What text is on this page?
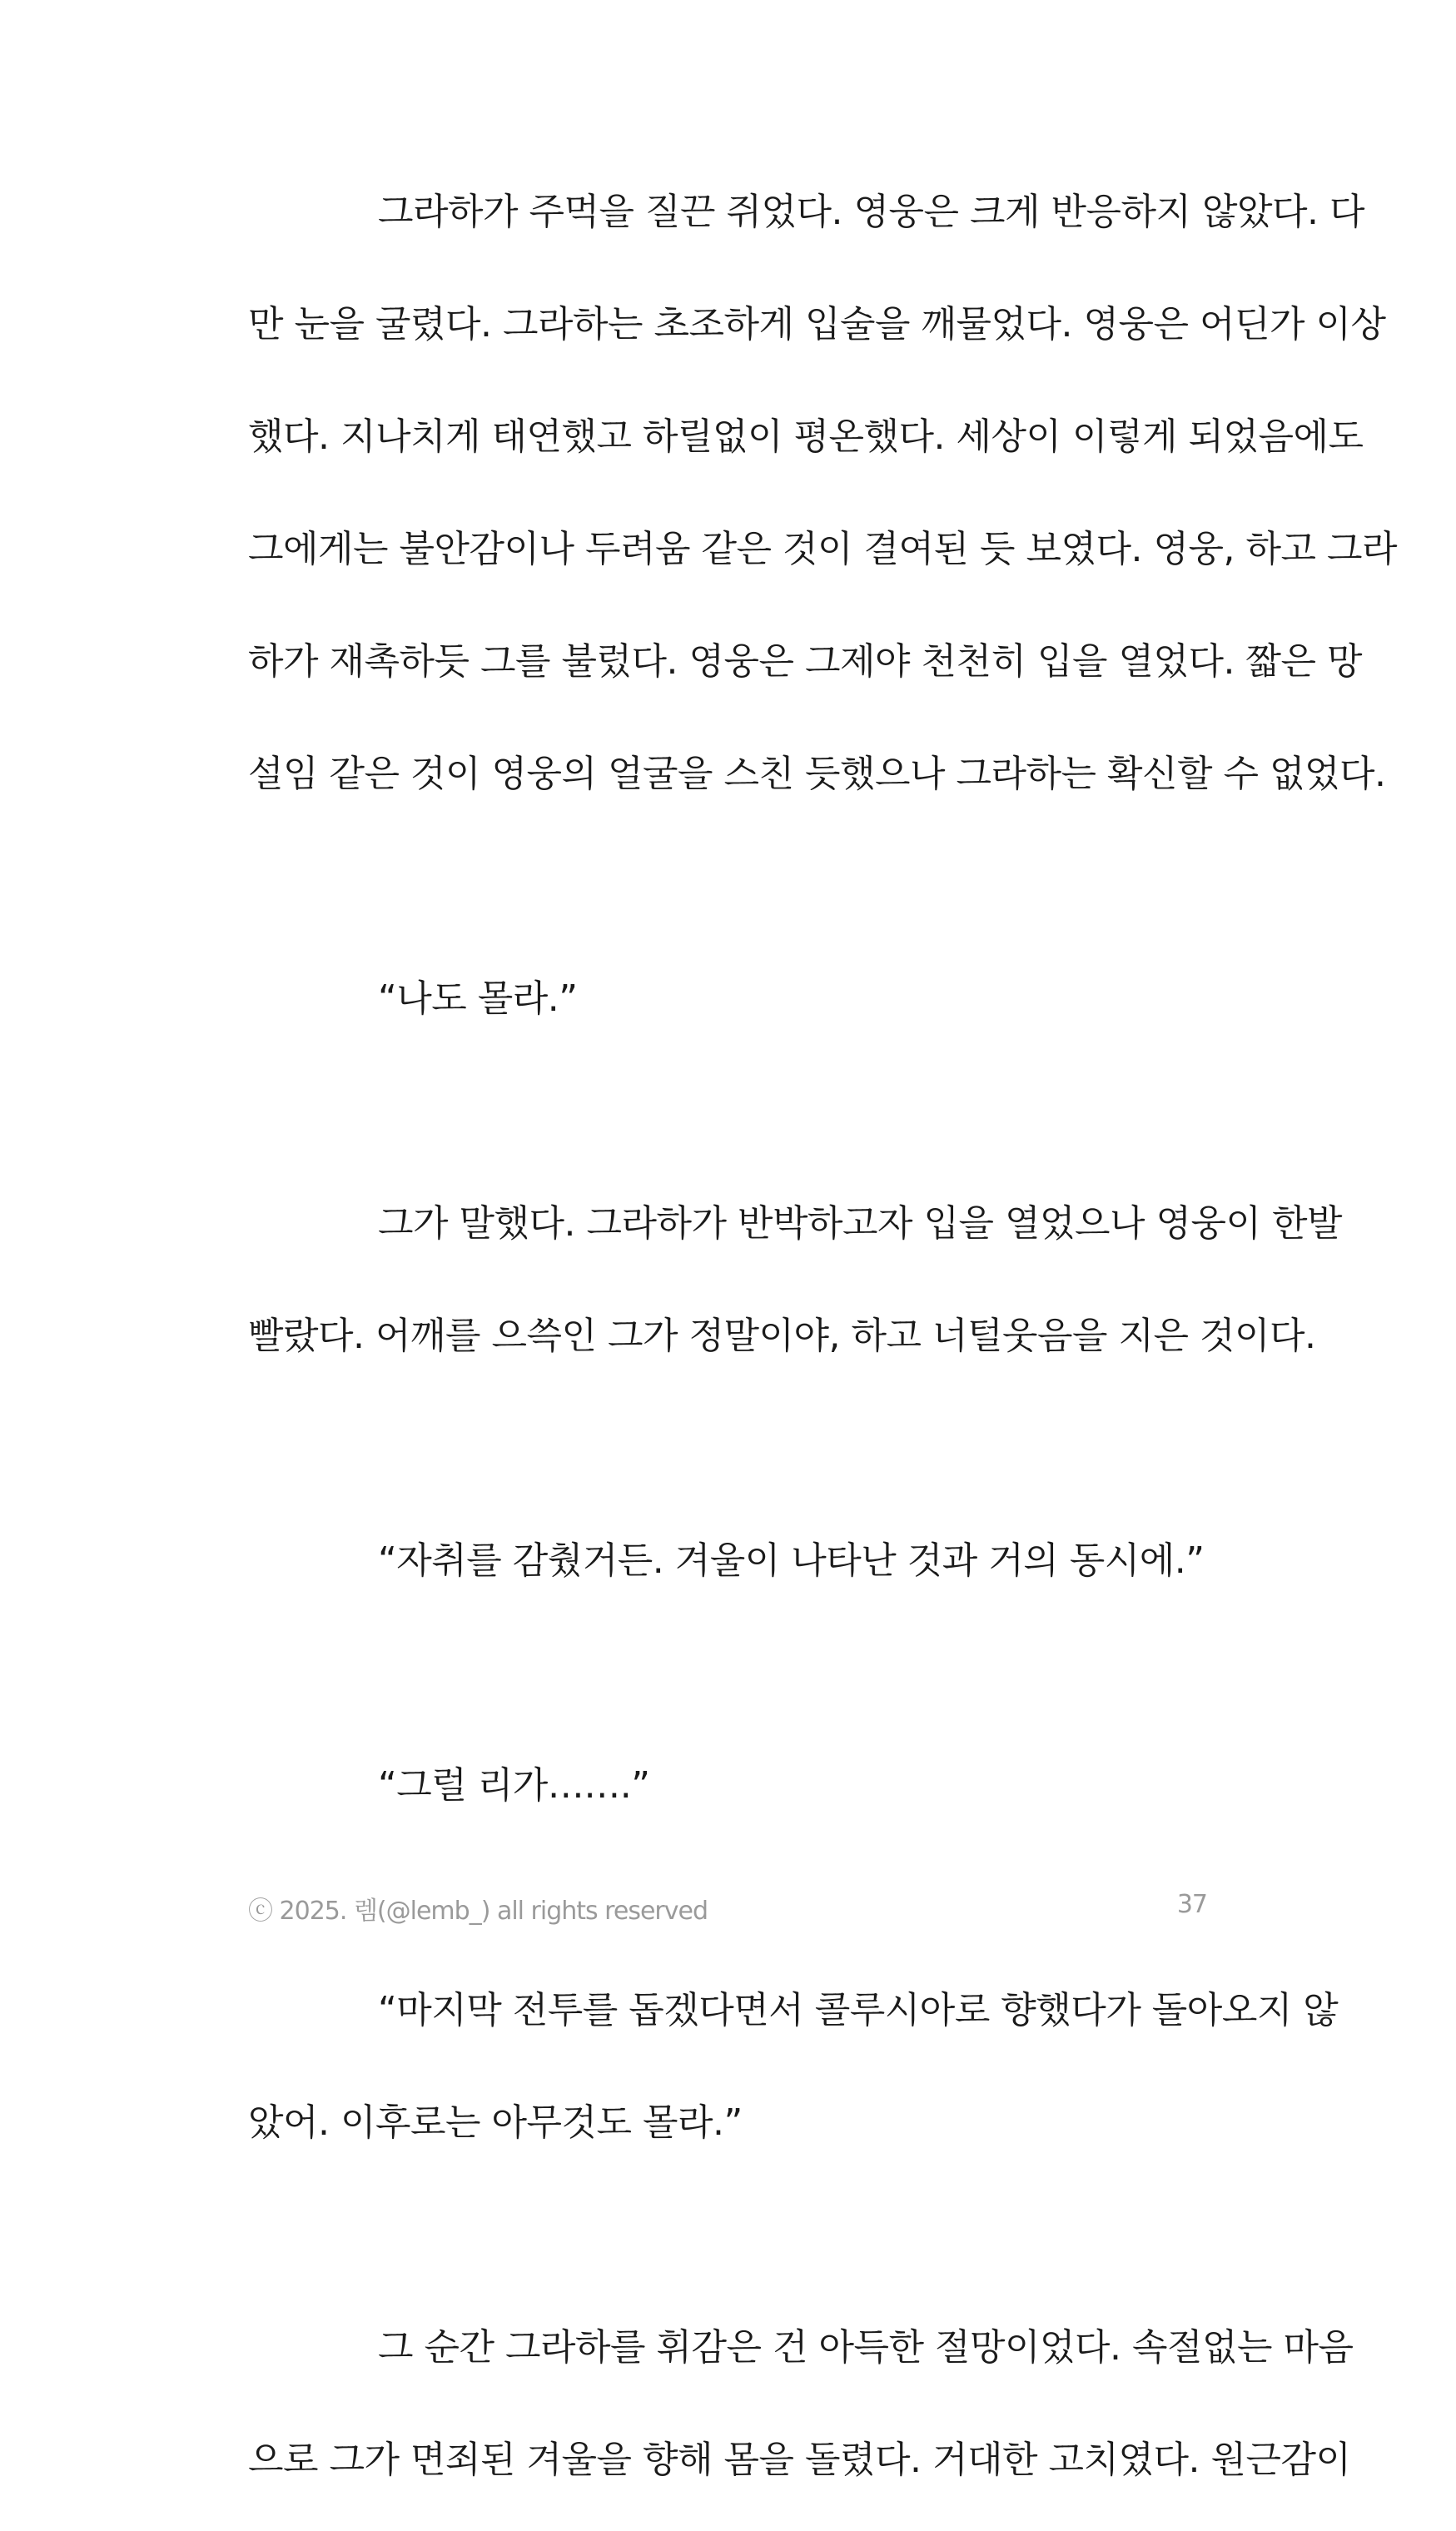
그라하가 주먹을 질끈 쥐었다. 영웅은 크게 반응하지 않았다. 다
만 눈을 굴렸다. 그라하는 초조하게 입술을 깨물었다. 영웅은 어딘가 이상
했다. 지나치게 태연했고 하릴없이 평온했다. 세상이 이렇게 되었음에도
그에게는 불안감이나 두려움 같은 것이 결여된 듯 보였다. 영웅, 하고 그라
하가 재촉하듯 그를 불렀다. 영웅은 그제야 천천히 입을 열었다. 짧은 망
설임 같은 것이 영웅의 얼굴을 스친 듯했으나 그라하는 확신할 수 없었다.
“나도 몰라.”
그가 말했다. 그라하가 반박하고자 입을 열었으나 영웅이 한발
빨랐다. 어깨를 으쓱인 그가 정말이야, 하고 너털웃음을 지은 것이다.
“자취를 감췄거든. 겨울이 나타난 것과 거의 동시에.”
“그럴 리가…….”
“마지막 전투를 돕겠다면서 콜루시아로 향했다가 돌아오지 않
았어. 이후로는 아무것도 몰라.”
그 순간 그라하를 휘감은 건 아득한 절망이었다. 속절없는 마음
으로 그가 면죄된 겨울을 향해 몸을 돌렸다. 거대한 고치였다. 원근감이
ⓒ 2025. 렘(@lemb_) all rights reserved	37
